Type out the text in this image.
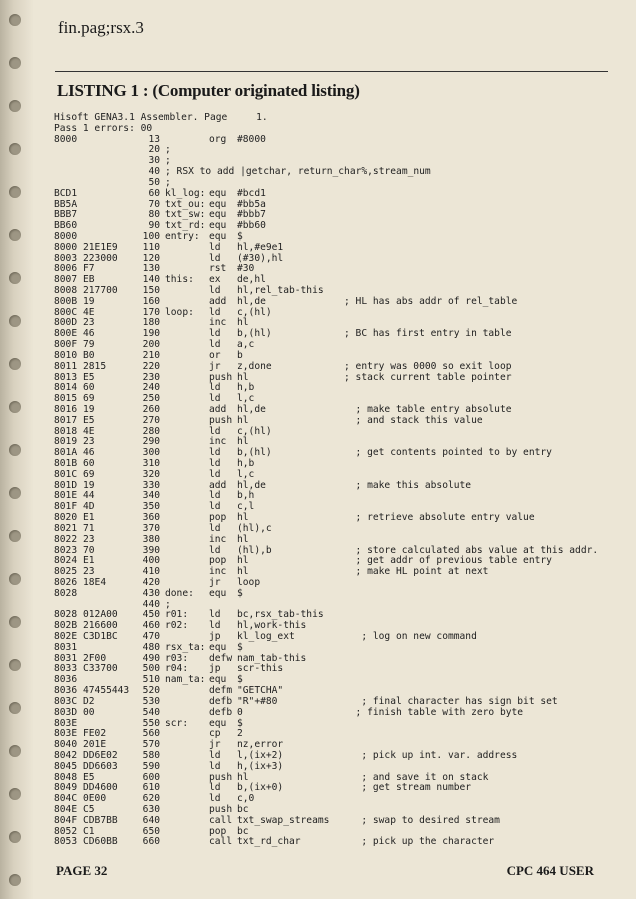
fin.pag;rsx.3
LISTING 1 : (Computer originated listing)
Hisoft GENA3.1 Assembler. Page     1.
Pass 1 errors: 00
8000	13	org #8000
20 ;
30 ;
40 ; RSX to add |getchar, return_char%,stream_num
50 ;
BCD1	60 kl_log: equ #bcd1
BB5A	70 txt_ou: equ #bb5a
BBB7	80 txt_sw: equ #bbb7
BB60	90 txt_rd: equ #bb60
8000	100 entry: equ $
8000 21E1E9	110	ld hl,#e9e1
8003 223000	120	ld (#30),hl
8006 F7	130	rst #30
8007 EB	140 this: ex de,hl
8008 217700	150	ld hl,rel_tab-this
800B 19	160	add hl,de	; HL has abs addr of rel_table
800C 4E	170 loop: ld c,(hl)
800D 23	180	inc hl
800E 46	190	ld b,(hl)	; BC has first entry in table
800F 79	200	ld a,c
8010 B0	210	or b
8011 2815	220	jr z,done	; entry was 0000 so exit loop
8013 E5	230	push hl	; stack current table pointer
8014 60	240	ld h,b
8015 69	250	ld l,c
8016 19	260	add hl,de	; make table entry absolute
8017 E5	270	push hl	; and stack this value
8018 4E	280	ld c,(hl)
8019 23	290	inc hl
801A 46	300	ld b,(hl)	; get contents pointed to by entry
801B 60	310	ld h,b
801C 69	320	ld l,c
801D 19	330	add hl,de	; make this absolute
801E 44	340	ld b,h
801F 4D	350	ld c,l
8020 E1	360	pop hl	; retrieve absolute entry value
8021 71	370	ld (hl),c
8022 23	380	inc hl
8023 70	390	ld (hl),b	; store calculated abs value at this addr.
8024 E1	400	pop hl	; get addr of previous table entry
8025 23	410	inc hl	; make HL point at next
8026 18E4	420	jr loop
8028	430 done: equ $
440 ;
8028 012A00	450 r01: ld bc,rsx_tab-this
802B 216600	460 r02: ld hl,work-this
802E C3D1BC	470	jp kl_log_ext	; log on new command
8031	480 rsx_ta: equ $
8031 2F00	490 r03: defw nam_tab-this
8033 C33700	500 r04: jp scr-this
8036	510 nam_ta: equ $
8036 47455443	520	defm "GETCHA"
803C D2	530	defb "R"+#80	; final character has sign bit set
803D 00	540	defb 0	; finish table with zero byte
803E	550 scr: equ $
803E FE02	560	cp 2
8040 201E	570	jr nz,error
8042 DD6E02	580	ld l,(ix+2)	; pick up int. var. address
8045 DD6603	590	ld h,(ix+3)
8048 E5	600	push hl	; and save it on stack
8049 DD4600	610	ld b,(ix+0)	; get stream number
804C 0E00	620	ld c,0
804E C5	630	push bc
804F CDB7BB	640	call txt_swap_streams ; swap to desired stream
8052 C1	650	pop bc
8053 CD60BB	660	call txt_rd_char	; pick up the character
PAGE 32	CPC 464 USER
